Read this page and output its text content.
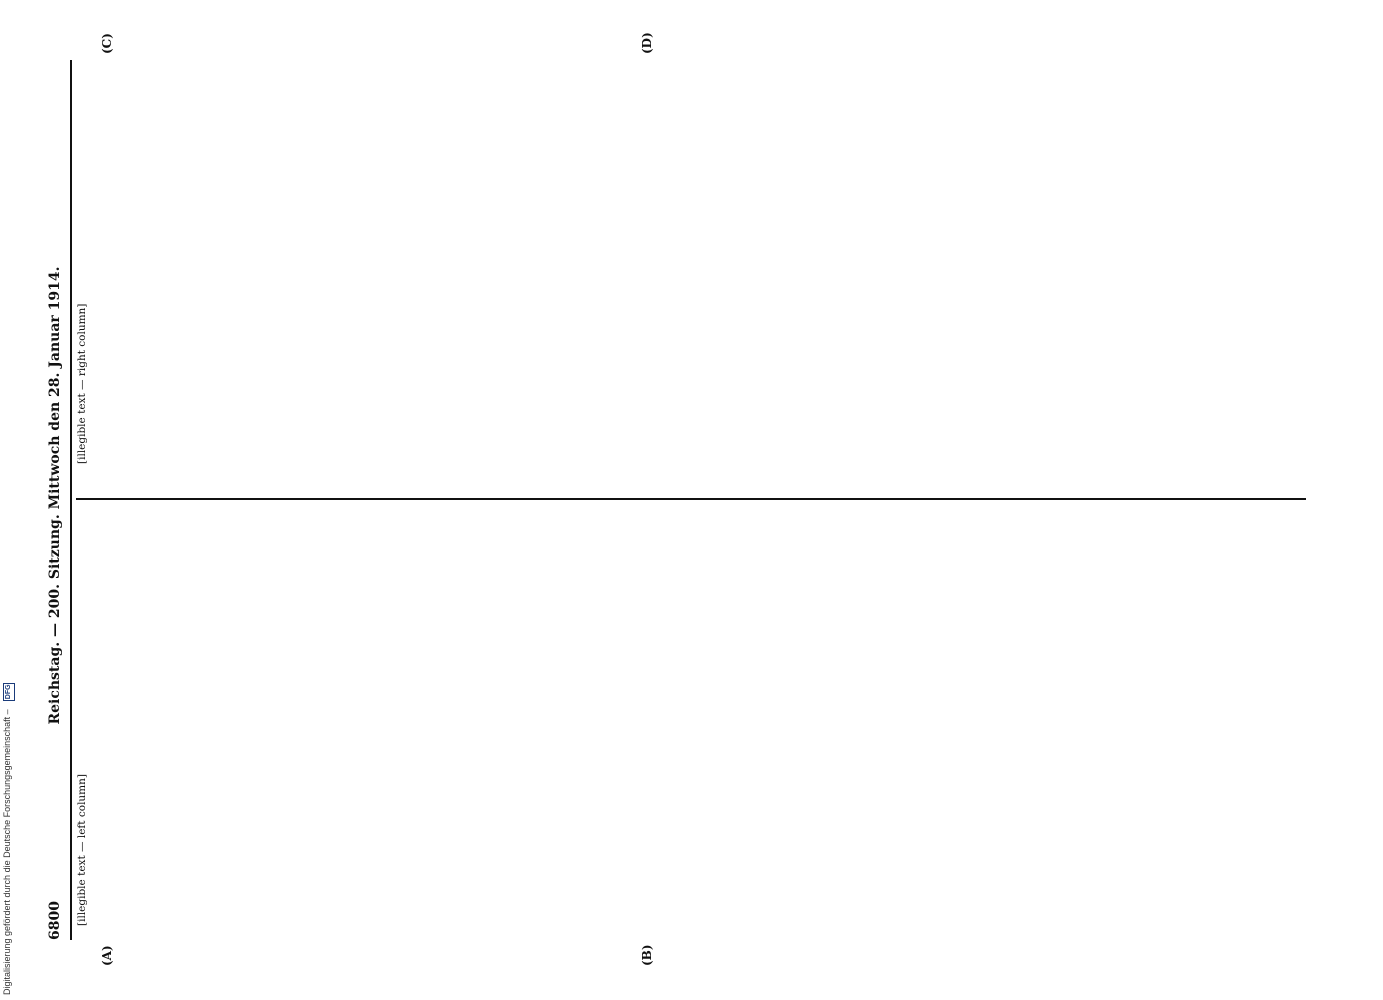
6800
Reichstag. — 200. Sitzung. Mittwoch den 28. Januar 1914.

[illegible text — left column]

[illegible text — right column]

(A)	(B)
(C)	(D)
Digitalisierung gefördert durch die Deutsche Forschungsgemeinschaft – DFG
